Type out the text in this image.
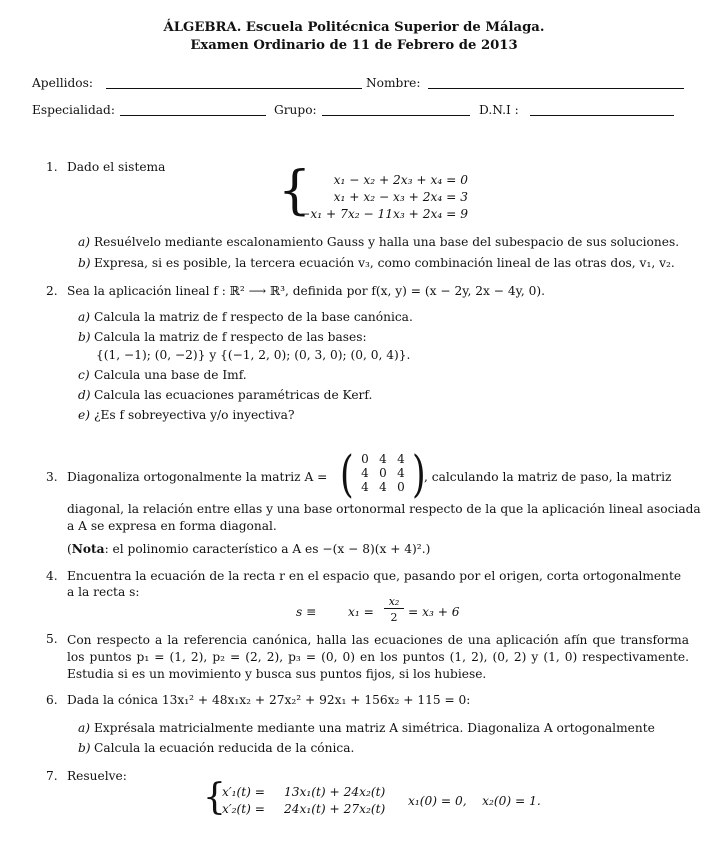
ÁLGEBRA. Escuela Politécnica Superior de Málaga.
Examen Ordinario de 11 de Febrero de 2013
Apellidos:	Nombre:
Especialidad:	Grupo:	D.N.I :
1. Dado el sistema	{ x₁ − x₂ + 2x₃ + x₄ = 0
x₁ + x₂ − x₃ + 2x₄ = 3
−x₁ + 7x₂ − 11x₃ + 2x₄ = 9
a) Resuélvelo mediante escalonamiento Gauss y halla una base del subespacio de sus soluciones.
b) Expresa, si es posible, la tercera ecuación v₃, como combinación lineal de las otras dos, v₁, v₂.
2. Sea la aplicación lineal f : ℝ² ⟶ ℝ³, definida por f(x, y) = (x − 2y, 2x − 4y, 0).
a) Calcula la matriz de f respecto de la base canónica.
b) Calcula la matriz de f respecto de las bases:
{(1, −1); (0, −2)} y {(−1, 2, 0); (0, 3, 0); (0, 0, 4)}.
c) Calcula una base de Imf.
d) Calcula las ecuaciones paramétricas de Kerf.
e) ¿Es f sobreyectiva y/o inyectiva?
3. Diagonaliza ortogonalmente la matriz A = ( 0	4	4
4	0	4
4	4	0 )
, calculando la matriz de paso, la matriz
diagonal, la relación entre ellas y una base ortonormal respecto de la que la aplicación lineal asociada
a A se expresa en forma diagonal.
(Nota: el polinomio característico a A es −(x − 8)(x + 4)².)
4. Encuentra la ecuación de la recta r en el espacio que, pasando por el origen, corta ortogonalmente a la recta s:
s ≡	x₁ =
x₂
2 = x₃ + 6
5. Con respecto a la referencia canónica, halla las ecuaciones de una aplicación afín que transforma los puntos p₁ = (1, 2), p₂ = (2, 2), p₃ = (0, 0) en los puntos (1, 2), (0, 2) y (1, 0) respectivamente. Estudia si es un movimiento y busca sus puntos fijos, si los hubiese.
6. Dada la cónica 13x₁² + 48x₁x₂ + 27x₂² + 92x₁ + 156x₂ + 115 = 0:
a) Exprésala matricialmente mediante una matriz A simétrica. Diagonaliza A ortogonalmente
b) Calcula la ecuación reducida de la cónica.
7. Resuelve:
{
x′₁(t) = 13x₁(t) + 24x₂(t)
x′₂(t) = 24x₁(t) + 27x₂(t)
x₁(0) = 0,    x₂(0) = 1.
